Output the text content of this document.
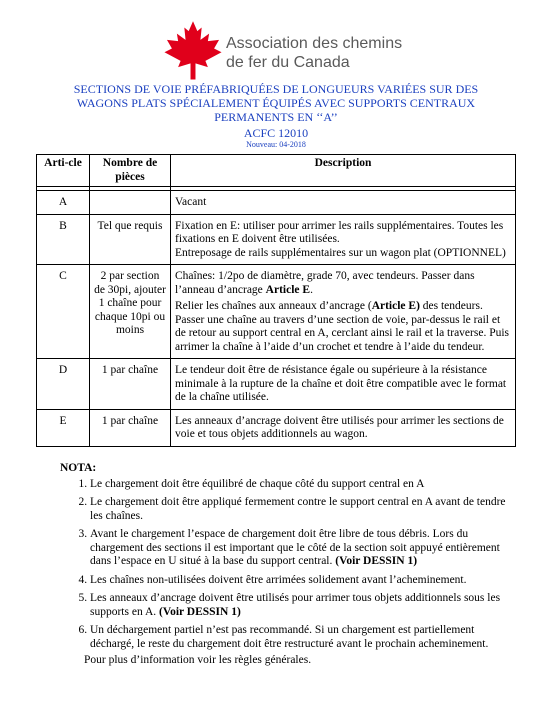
Association des chemins
de fer du Canada
SECTIONS DE VOIE PRÉFABRIQUÉES DE LONGUEURS VARIÉES SUR DES
WAGONS PLATS SPÉCIALEMENT ÉQUIPÉS AVEC SUPPORTS CENTRAUX
PERMANENTS EN ‘‘A’’
ACFC 12010
Nouveau: 04-2018
Arti-cle	Nombre de pièces	Description

A		Vacant

B	Tel que requis	Fixation en E: utiliser pour arrimer les rails supplémentaires. Toutes les fixations en E doivent être utilisées.

Entreposage de rails supplémentaires sur un wagon plat (OPTIONNEL)

C	2 par section de 30pi, ajouter 1 chaîne pour chaque 10pi ou moins	Chaînes: 1/2po de diamètre, grade 70, avec tendeurs. Passer dans l’anneau d’ancrage Article E.

Relier les chaînes aux anneaux d’ancrage (Article E) des tendeurs. Passer une chaîne au travers d’une section de voie, par-dessus le rail et de retour au support central en A, cerclant ainsi le rail et la traverse. Puis arrimer la chaîne à l’aide d’un crochet et tendre à l’aide du tendeur.

D	1 par chaîne	Le tendeur doit être de résistance égale ou supérieure à la résistance minimale à la rupture de la chaîne et doit être compatible avec le format de la chaîne utilisée.

E	1 par chaîne	Les anneaux d’ancrage doivent être utilisés pour arrimer les sections de voie et tous objets additionnels au wagon.

NOTA:
1. Le chargement doit être équilibré de chaque côté du support central en A
2. Le chargement doit être appliqué fermement contre le support central en A avant de tendre les chaînes.
3. Avant le chargement l’espace de chargement doit être libre de tous débris. Lors du chargement des sections il est important que le côté de la section soit appuyé entièrement dans l’espace en U situé à la base du support central. (Voir DESSIN 1)
4. Les chaînes non-utilisées doivent être arrimées solidement avant l’acheminement.
5. Les anneaux d’ancrage doivent être utilisés pour arrimer tous objets additionnels sous les supports en A. (Voir DESSIN 1)
6. Un déchargement partiel n’est pas recommandé. Si un chargement est partiellement déchargé, le reste du chargement doit être restructuré avant le prochain acheminement.
Pour plus d’information voir les règles générales.
